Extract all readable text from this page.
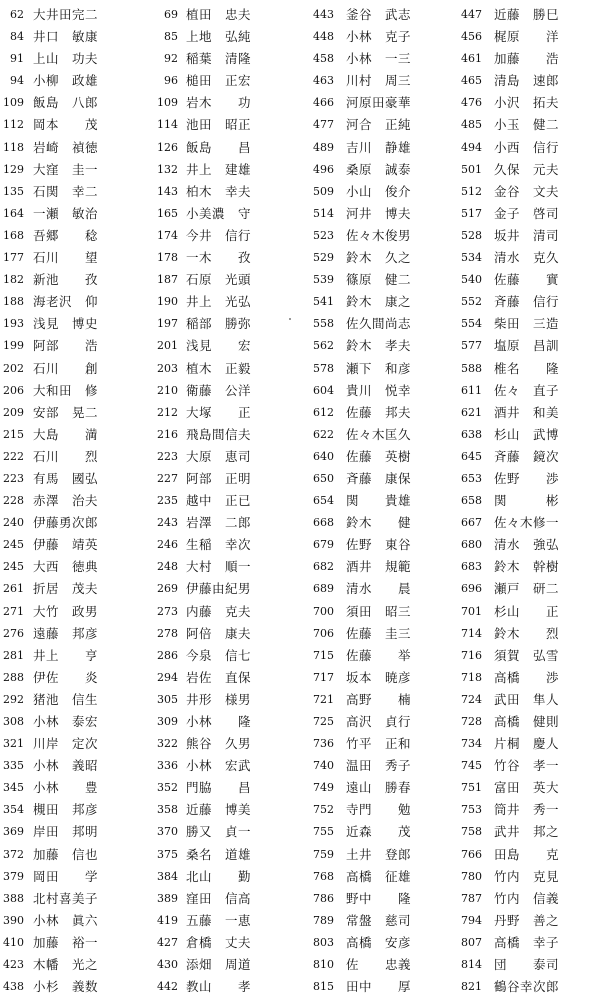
62 大井田完二
84 井口　敏康
91 上山　功夫
94 小柳　政雄
109 飯島　八郎
112 岡本　　茂
118 岩崎　禎徳
129 大窪　圭一
135 石関　幸二
164 一瀬　敏治
168 吾郷　　稔
177 石川　　望
182 新池　　孜
188 海老沢　仰
193 浅見　博史
199 阿部　　浩
202 石川　　創
206 大和田　修
209 安部　晃二
215 大島　　満
222 石川　　烈
223 有馬　國弘
228 赤澤　治夫
240 伊藤勇次郎
245 伊藤　靖英
245 大西　徳典
261 折居　茂夫
271 大竹　政男
276 遠藤　邦彦
281 井上　　亨
288 伊佐　　炎
292 猪池　信生
308 小林　泰宏
321 川岸　定次
335 小林　義昭
345 小林　　豊
354 槻田　邦彦
369 岸田　邦明
372 加藤　信也
379 岡田　　学
388 北村喜美子
390 小林　眞六
410 加藤　裕一
423 木幡　光之
438 小杉　義数
69 植田　忠夫
85 上地　弘純
92 稲葉　清隆
96 槌田　正宏
109 岩木　　功
114 池田　昭正
126 飯島　　昌
132 井上　建雄
143 柏木　幸夫
165 小美濃　守
174 今井　信行
178 一木　　孜
187 石原　光頭
190 井上　光弘
197 稲部　勝弥
201 浅見　　宏
203 植木　正毅
210 衛藤　公洋
212 大塚　　正
216 飛島間信夫
223 大原　恵司
227 阿部　正明
235 越中　正已
243 岩澤　二郎
246 生稲　幸次
248 大村　順一
269 伊藤由紀男
273 内藤　克夫
278 阿倍　康夫
286 今泉　信七
294 岩佐　直保
305 井形　様男
309 小林　　隆
322 熊谷　久男
336 小林　宏武
352 門脇　　昌
358 近藤　博美
370 勝又　貞一
375 桑名　道雄
384 北山　　勤
389 窪田　信高
419 五藤　一恵
427 倉橋　丈夫
430 添畑　周道
442 教山　　孝
443 釜谷　武志
448 小林　克子
458 小林　一三
463 川村　周三
466 河原田豪華
477 河合　正純
489 吉川　静雄
496 桑原　誠泰
509 小山　俊介
514 河井　博夫
523 佐々木俊男
529 鈴木　久之
539 篠原　健二
541 鈴木　康之
558 佐久間尚志
562 鈴木　孝夫
578 瀬下　和彦
604 貴川　悦幸
612 佐藤　邦夫
622 佐々木匡久
640 佐藤　英樹
650 斉藤　康保
654 関　　貴雄
668 鈴木　　健
679 佐野　東谷
682 酒井　規範
689 清水　　晨
700 須田　昭三
706 佐藤　圭三
715 佐藤　　举
717 坂本　暁彦
721 高野　　楠
725 高沢　貞行
736 竹平　正和
740 温田　秀子
749 遠山　勝春
752 寺門　　勉
755 近森　　茂
759 土井　登郎
768 高橋　征雄
786 野中　　隆
789 常盤　慈司
803 高橋　安彦
810 佐　　忠義
815 田中　　厚
447 近藤　勝巳
456 梶原　　洋
461 加藤　　浩
465 清島　速郎
476 小沢　拓夫
485 小玉　健二
494 小西　信行
501 久保　元夫
512 金谷　文夫
517 金子　啓司
528 坂井　清司
534 清水　克久
540 佐藤　　實
552 斉藤　信行
554 柴田　三造
577 塩原　昌訓
588 椎名　　隆
611 佐々　直子
621 酒井　和美
638 杉山　武博
645 斉藤　鏡次
653 佐野　　渉
658 関　　　彬
667 佐々木修一
680 清水　強弘
683 鈴木　幹樹
696 瀬戸　研二
701 杉山　　正
714 鈴木　　烈
716 須賀　弘雪
718 高橋　　渉
724 武田　隼人
728 高橋　健則
734 片桐　慶人
745 竹谷　孝一
751 富田　英大
753 筒井　秀一
758 武井　邦之
766 田島　　克
780 竹内　克見
787 竹内　信義
794 丹野　善之
807 高橋　幸子
814 団　　泰司
821 鶴谷幸次郎
